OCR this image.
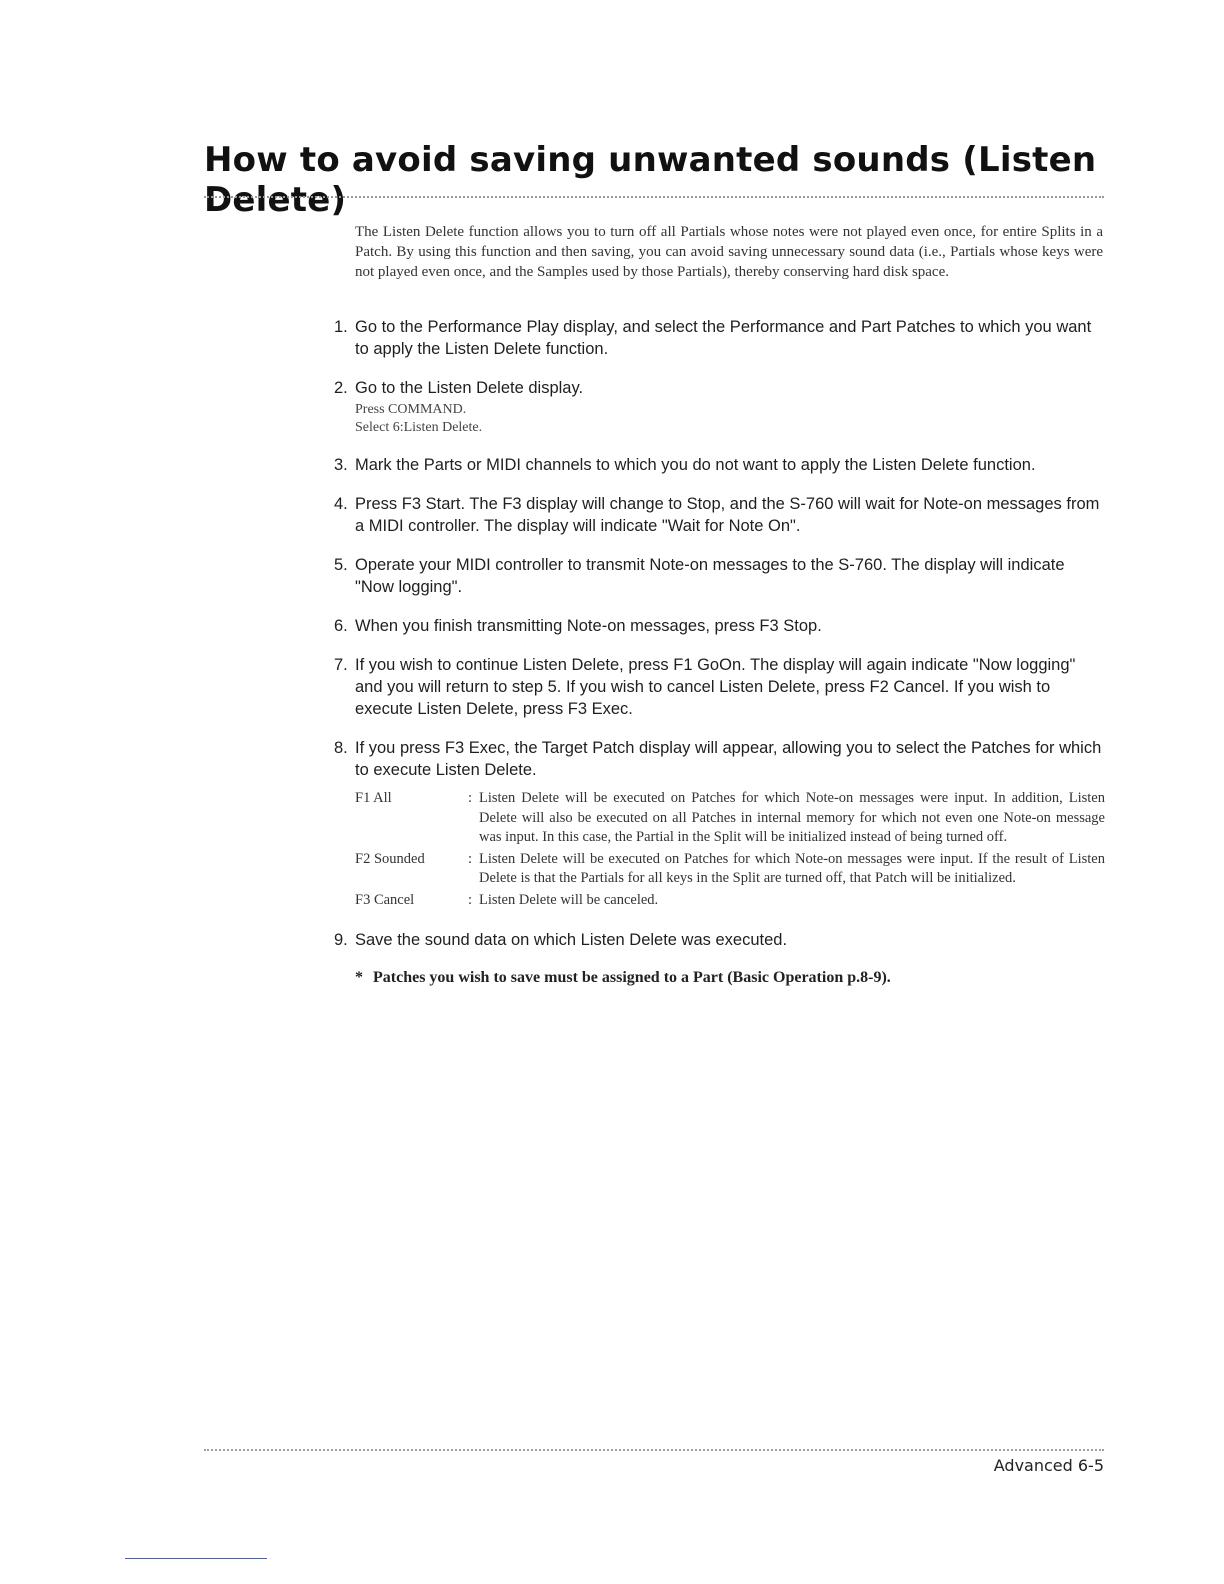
How to avoid saving unwanted sounds (Listen Delete)

The Listen Delete function allows you to turn off all Partials whose notes were not played even once, for entire Splits in a Patch. By using this function and then saving, you can avoid saving unnecessary sound data (i.e., Partials whose keys were not played even once, and the Samples used by those Partials), thereby conserving hard disk space.

1. Go to the Performance Play display, and select the Performance and Part Patches to which you want to apply the Listen Delete function.
2. Go to the Listen Delete display.
Press COMMAND.
Select 6:Listen Delete.
3. Mark the Parts or MIDI channels to which you do not want to apply the Listen Delete function.
4. Press F3 Start. The F3 display will change to Stop, and the S-760 will wait for Note-on messages from a MIDI controller. The display will indicate "Wait for Note On".
5. Operate your MIDI controller to transmit Note-on messages to the S-760. The display will indicate "Now logging".
6. When you finish transmitting Note-on messages, press F3 Stop.
7. If you wish to continue Listen Delete, press F1 GoOn. The display will again indicate "Now logging" and you will return to step 5. If you wish to cancel Listen Delete, press F2 Cancel. If you wish to execute Listen Delete, press F3 Exec.
8. If you press F3 Exec, the Target Patch display will appear, allowing you to select the Patches for which to execute Listen Delete.
F1 All	:	Listen Delete will be executed on Patches for which Note-on messages were input. In addition, Listen Delete will also be executed on all Patches in internal memory for which not even one Note-on message was input. In this case, the Partial in the Split will be initialized instead of being turned off.
F2 Sounded	:	Listen Delete will be executed on Patches for which Note-on messages were input. If the result of Listen Delete is that the Partials for all keys in the Split are turned off, that Patch will be initialized.
F3 Cancel	:	Listen Delete will be canceled.
9. Save the sound data on which Listen Delete was executed.
* Patches you wish to save must be assigned to a Part (Basic Operation p.8-9).
Advanced 6-5
